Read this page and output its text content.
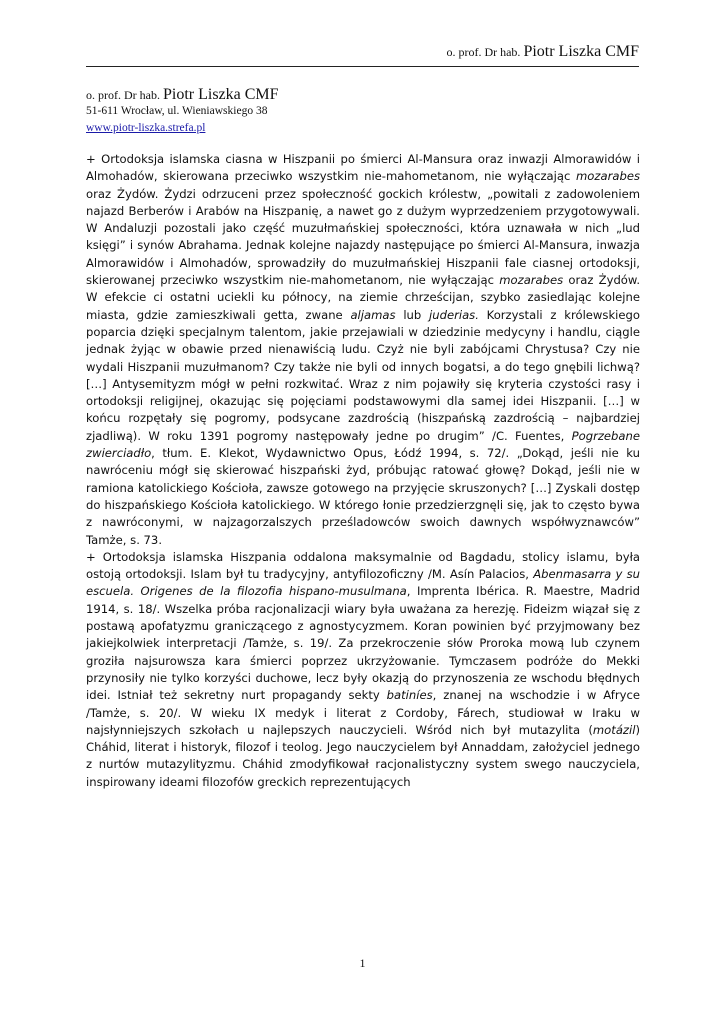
o. prof. Dr hab. Piotr Liszka CMF
o. prof. Dr hab. Piotr Liszka CMF
51-611 Wrocław, ul. Wieniawskiego 38
www.piotr-liszka.strefa.pl

+ Ortodoksja islamska ciasna w Hiszpanii po śmierci Al-Mansura oraz inwazji Almorawidów i Almohadów, skierowana przeciwko wszystkim nie-mahometanom, nie wyłączając mozarabes oraz Żydów. Żydzi odrzuceni przez społeczność gockich królestw, „powitali z zadowoleniem najazd Berberów i Arabów na Hiszpanię, a nawet go z dużym wyprzedzeniem przygotowywali. W Andaluzji pozostali jako część muzułmańskiej społeczności, która uznawała w nich „lud księgi” i synów Abrahama. Jednak kolejne najazdy następujące po śmierci Al-Mansura, inwazja Almorawidów i Almohadów, sprowadziły do muzułmańskiej Hiszpanii fale ciasnej ortodoksji, skierowanej przeciwko wszystkim nie-mahometanom, nie wyłączając mozarabes oraz Żydów. W efekcie ci ostatni uciekli ku północy, na ziemie chrześcijan, szybko zasiedlając kolejne miasta, gdzie zamieszkiwali getta, zwane aljamas lub juderias. Korzystali z królewskiego poparcia dzięki specjalnym talentom, jakie przejawiali w dziedzinie medycyny i handlu, ciągle jednak żyjąc w obawie przed nienawiścią ludu. Czyż nie byli zabójcami Chrystusa? Czy nie wydali Hiszpanii muzułmanom? Czy także nie byli od innych bogatsi, a do tego gnębili lichwą? […] Antysemityzm mógł w pełni rozkwitać. Wraz z nim pojawiły się kryteria czystości rasy i ortodoksji religijnej, okazując się pojęciami podstawowymi dla samej idei Hiszpanii. […] w końcu rozpętały się pogromy, podsycane zazdrością (hiszpańską zazdrością – najbardziej zjadliwą). W roku 1391 pogromy następowały jedne po drugim” /C. Fuentes, Pogrzebane zwierciadło, tłum. E. Klekot, Wydawnictwo Opus, Łódź 1994, s. 72/. „Dokąd, jeśli nie ku nawróceniu mógł się skierować hiszpański żyd, próbując ratować głowę? Dokąd, jeśli nie w ramiona katolickiego Kościoła, zawsze gotowego na przyjęcie skruszonych? […] Zyskali dostęp do hiszpańskiego Kościoła katolickiego. W którego łonie przedzierzgnęli się, jak to często bywa z nawróconymi, w najzagorzalszych prześladowców swoich dawnych współwyznawców” Tamże, s. 73.

+ Ortodoksja islamska Hiszpania oddalona maksymalnie od Bagdadu, stolicy islamu, była ostoją ortodoksji. Islam był tu tradycyjny, antyfilozoficzny /M. Asín Palacios, Abenmasarra y su escuela. Origenes de la filozofia hispano-musulmana, Imprenta Ibérica. R. Maestre, Madrid 1914, s. 18/. Wszelka próba racjonalizacji wiary była uważana za herezję. Fideizm wiązał się z postawą apofatyzmu graniczącego z agnostycyzmem. Koran powinien być przyjmowany bez jakiejkolwiek interpretacji /Tamże, s. 19/. Za przekroczenie słów Proroka mową lub czynem groziła najsurowsza kara śmierci poprzez ukrzyżowanie. Tymczasem podróże do Mekki przynosiły nie tylko korzyści duchowe, lecz były okazją do przynoszenia ze wschodu błędnych idei. Istniał też sekretny nurt propagandy sekty batiníes, znanej na wschodzie i w Afryce /Tamże, s. 20/. W wieku IX medyk i literat z Cordoby, Fárech, studiował w Iraku w najsłynniejszych szkołach u najlepszych nauczycieli. Wśród nich był mutazylita (motázil) Cháhid, literat i historyk, filozof i teolog. Jego nauczycielem był Annaddam, założyciel jednego z nurtów mutazylityzmu. Cháhid zmodyfikował racjonalistyczny system swego nauczyciela, inspirowany ideami filozofów greckich reprezentujących

1
